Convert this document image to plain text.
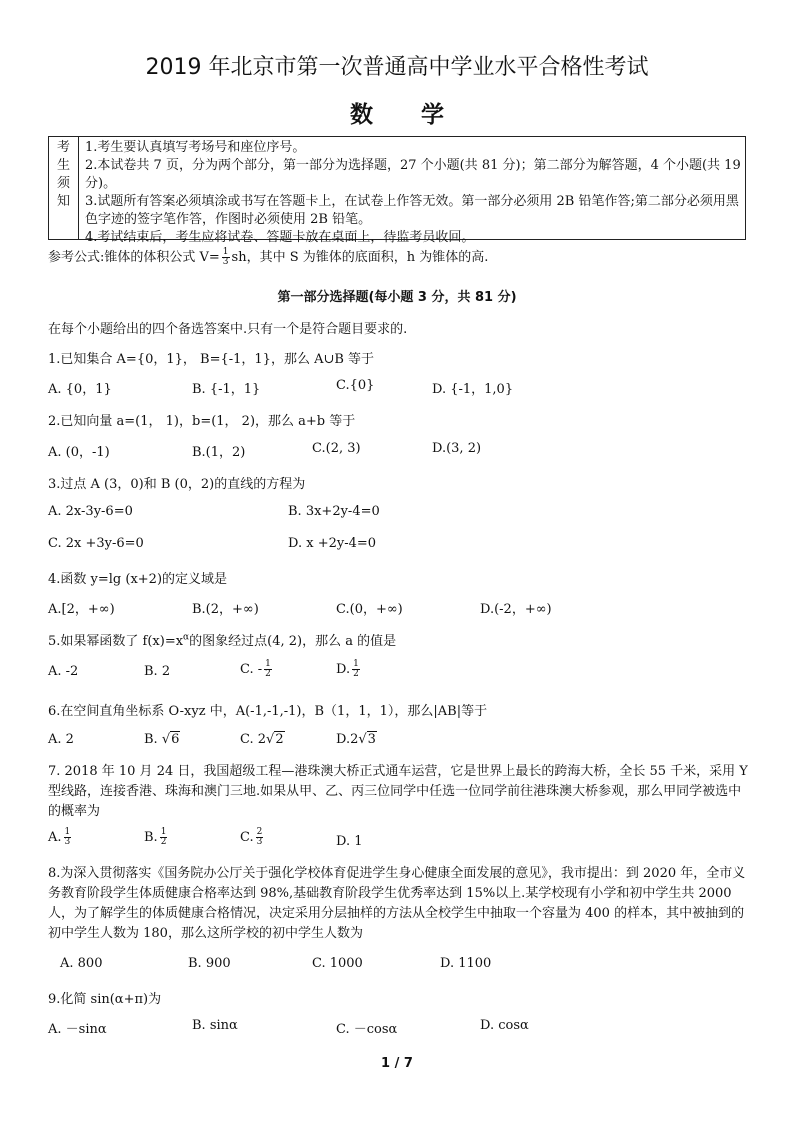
2019 年北京市第一次普通高中学业水平合格性考试
数学
考
生
须
知
1.考生要认真填写考场号和座位序号。
2.本试卷共 7 页，分为两个部分，第一部分为选择题，27 个小题(共 81 分)；第二部分为解答题，4 个小题(共 19 分)。
3.试题所有答案必须填涂或书写在答题卡上，在试卷上作答无效。第一部分必须用 2B 铅笔作答;第二部分必须用黑色字迹的签字笔作答，作图时必须使用 2B 铅笔。
4.考试结束后，考生应将试卷、答题卡放在桌面上，待监考员收回。
参考公式:锥体的体积公式 $V= \frac{1}{3}$ sh，其中 S 为锥体的底面积，h 为锥体的高.
第一部分选择题(每小题 3 分，共 81 分)
在每个小题给出的四个备选答案中.只有一个是符合题目要求的.
1.已知集合 A={0，1}， B={-1，1}，那么 A∪B 等于
A. {0，1}	B. {-1，1}	C.{0}	D. {-1，1,0}
2.已知向量 a=(1， 1)，b=(1， 2)，那么 a+b 等于
A. (0，-1)	B.(1，2)	C.(2, 3)	D.(3, 2)
3.过点 A (3，0)和 B (0，2)的直线的方程为
A. 2x-3y-6=0	B. 3x+2y-4=0
C. 2x +3y-6=0	D. x +2y-4=0
4.函数 y=lg (x+2)的定义域是
A.[2，+∞)	B.(2，+∞)	C.(0，+∞)	D.(-2，+∞)
5.如果幂函数了 $f(x)=x^\alpha$的图象经过点(4, 2)，那么 a 的值是
A. -2	B. 2	C. - $\frac{1}{2}$	D. $\frac{1}{2}$
6.在空间直角坐标系 O-xyz 中，A(-1,-1,-1)，B（1，1，1），那么|AB|等于
A. 2	B. √6	C. 2√2	D.2√3
7. 2018 年 10 月 24 日，我国超级工程—港珠澳大桥正式通车运营，它是世界上最长的跨海大桥，全长 55 千米，采用 Y 型线路，连接香港、珠海和澳门三地.如果从甲、乙、丙三位同学中任选一位同学前往港珠澳大桥参观，那么甲同学被选中的概率为
A. $\frac{1}{3}$	B. $\frac{1}{2}$	C. $\frac{2}{3}$	D. 1
8.为深入贯彻落实《国务院办公厅关于强化学校体育促进学生身心健康全面发展的意见》，我市提出：到 2020 年，全市义务教育阶段学生体质健康合格率达到 98%,基础教育阶段学生优秀率达到 15%以上.某学校现有小学和初中学生共 2000 人，为了解学生的体质健康合格情况，决定采用分层抽样的方法从全校学生中抽取一个容量为 400 的样本，其中被抽到的初中学生人数为 180，那么这所学校的初中学生人数为
A. 800	B. 900	C. 1000	D. 1100
9.化简 sin(α+π)为
A. －sinα	B. sinα	C. －cosα	D. cosα
1 / 7
